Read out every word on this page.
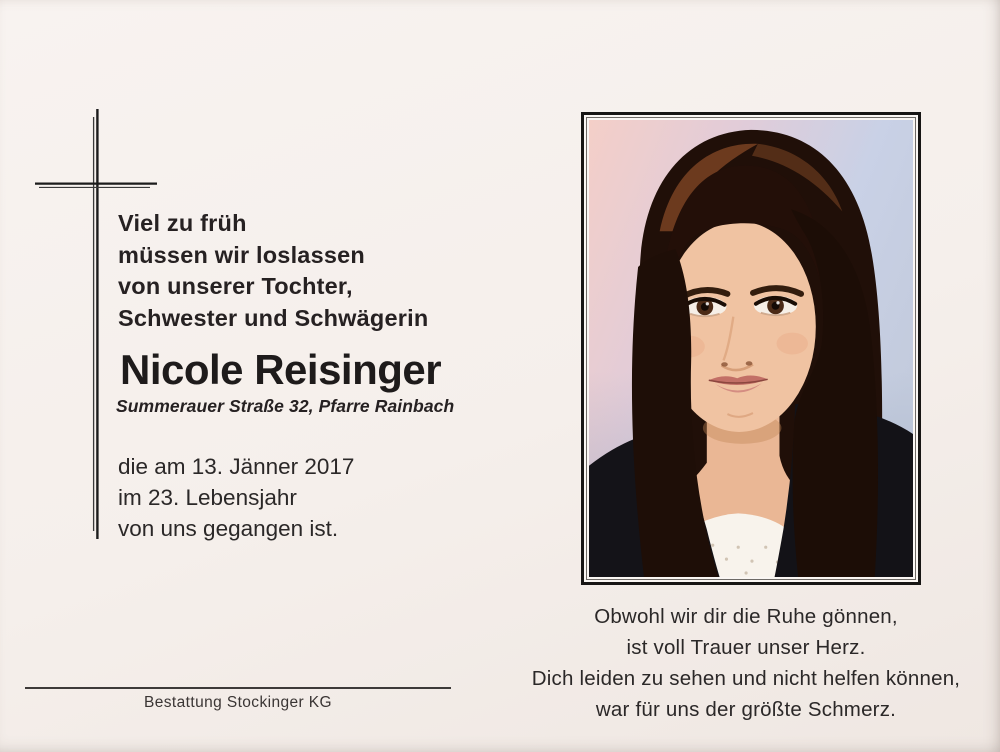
Viel zu früh
müssen wir loslassen
von unserer Tochter,
Schwester und Schwägerin
Nicole Reisinger
Summerauer Straße 32, Pfarre Rainbach
die am 13. Jänner 2017
im 23. Lebensjahr
von uns gegangen ist.
Bestattung Stockinger KG
Obwohl wir dir die Ruhe gönnen,
ist voll Trauer unser Herz.
Dich leiden zu sehen und nicht helfen können,
war für uns der größte Schmerz.
